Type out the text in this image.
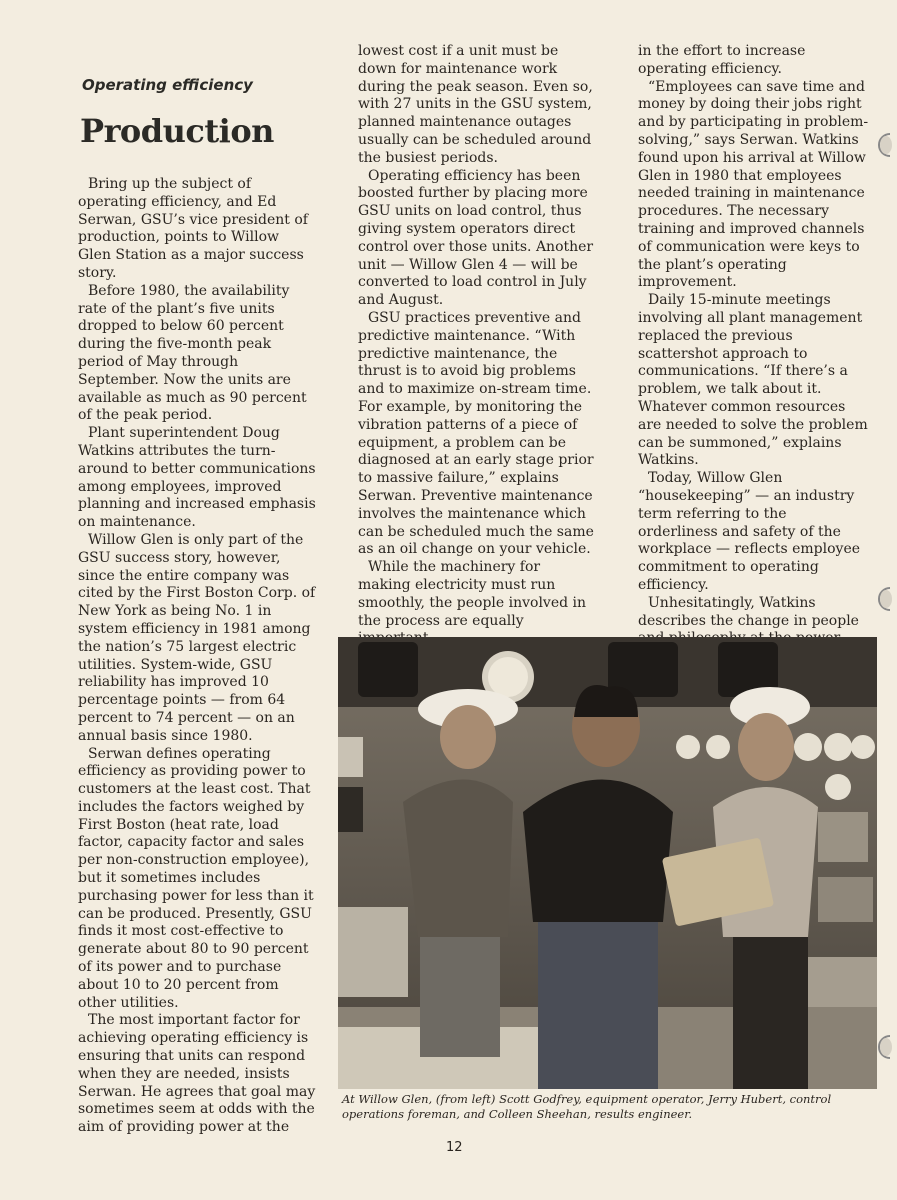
Operating efficiency
Production

Bring up the subject of operating efficiency, and Ed Serwan, GSU’s vice president of production, points to Willow Glen Station as a major success story.

Before 1980, the availability rate of the plant’s five units dropped to below 60 percent during the five-month peak period of May through September. Now the units are available as much as 90 percent of the peak period.

Plant superintendent Doug Watkins attributes the turn-around to better communications among employees, improved planning and increased emphasis on maintenance.

Willow Glen is only part of the GSU success story, however, since the entire company was cited by the First Boston Corp. of New York as being No. 1 in system efficiency in 1981 among the nation’s 75 largest electric utilities. System-wide, GSU reliability has improved 10 percentage points — from 64 percent to 74 percent — on an annual basis since 1980.

Serwan defines operating efficiency as providing power to customers at the least cost. That includes the factors weighed by First Boston (heat rate, load factor, capacity factor and sales per non-construction employee), but it sometimes includes purchasing power for less than it can be produced. Presently, GSU finds it most cost-effective to generate about 80 to 90 percent of its power and to purchase about 10 to 20 percent from other utilities.

The most important factor for achieving operating efficiency is ensuring that units can respond when they are needed, insists Serwan. He agrees that goal may sometimes seem at odds with the aim of providing power at the

lowest cost if a unit must be down for maintenance work during the peak season. Even so, with 27 units in the GSU system, planned maintenance outages usually can be scheduled around the busiest periods.

Operating efficiency has been boosted further by placing more GSU units on load control, thus giving system operators direct control over those units. Another unit — Willow Glen 4 — will be converted to load control in July and August.

GSU practices preventive and predictive maintenance. “With predictive maintenance, the thrust is to avoid big problems and to maximize on-stream time. For example, by monitoring the vibration patterns of a piece of equipment, a problem can be diagnosed at an early stage prior to massive failure,” explains Serwan. Preventive maintenance involves the maintenance which can be scheduled much the same as an oil change on your vehicle.

While the machinery for making electricity must run smoothly, the people involved in the process are equally

in the effort to increase operating efficiency.

“Employees can save time and money by doing their jobs right and by participating in problem-solving,” says Serwan. Watkins found upon his arrival at Willow Glen in 1980 that employees needed training in maintenance procedures. The necessary training and improved channels of communication were keys to the plant’s operating improvement.

Daily 15-minute meetings involving all plant management replaced the previous scattershot approach to communications. “If there’s a problem, we talk about it. Whatever common resources are needed to solve the problem can be summoned,” explains Watkins.

Today, Willow Glen “housekeeping” — an industry term referring to the orderliness and safety of the workplace — reflects employee commitment to operating efficiency.

Unhesitatingly, Watkins describes the change in people

At Willow Glen, (from left) Scott Godfrey, equipment operator, Jerry Hubert, control operations foreman, and Colleen Sheehan, results engineer.
12
